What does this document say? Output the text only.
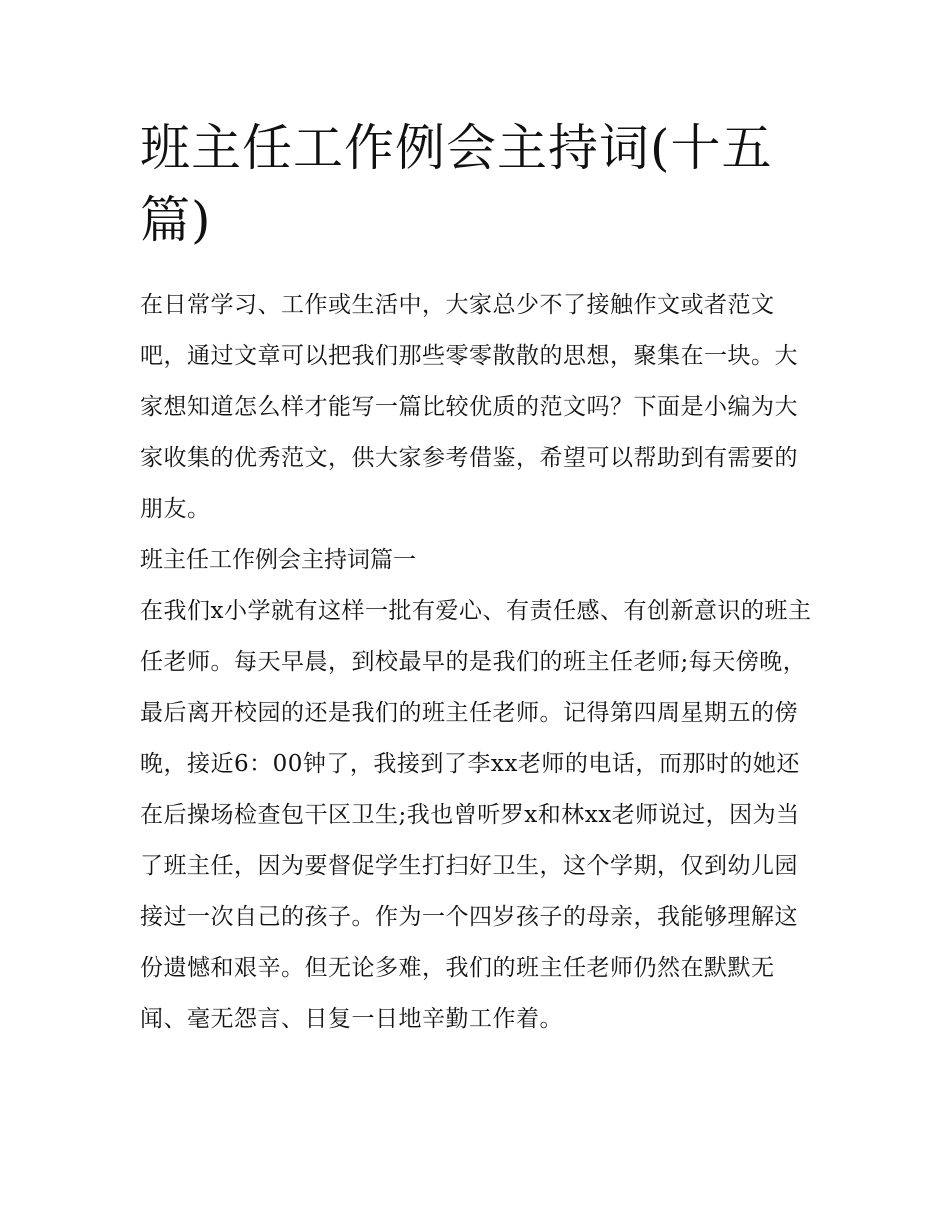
班主任工作例会主持词(十五篇)

在日常学习、工作或生活中，大家总少不了接触作文或者范文吧，通过文章可以把我们那些零零散散的思想，聚集在一块。大家想知道怎么样才能写一篇比较优质的范文吗？下面是小编为大家收集的优秀范文，供大家参考借鉴，希望可以帮助到有需要的朋友。

班主任工作例会主持词篇一

在我们x小学就有这样一批有爱心、有责任感、有创新意识的班主任老师。每天早晨，到校最早的是我们的班主任老师;每天傍晚，最后离开校园的还是我们的班主任老师。记得第四周星期五的傍晚，接近6：00钟了，我接到了李xx老师的电话，而那时的她还在后操场检查包干区卫生;我也曾听罗x和林xx老师说过，因为当了班主任，因为要督促学生打扫好卫生，这个学期，仅到幼儿园接过一次自己的孩子。作为一个四岁孩子的母亲，我能够理解这份遗憾和艰辛。但无论多难，我们的班主任老师仍然在默默无闻、毫无怨言、日复一日地辛勤工作着。
